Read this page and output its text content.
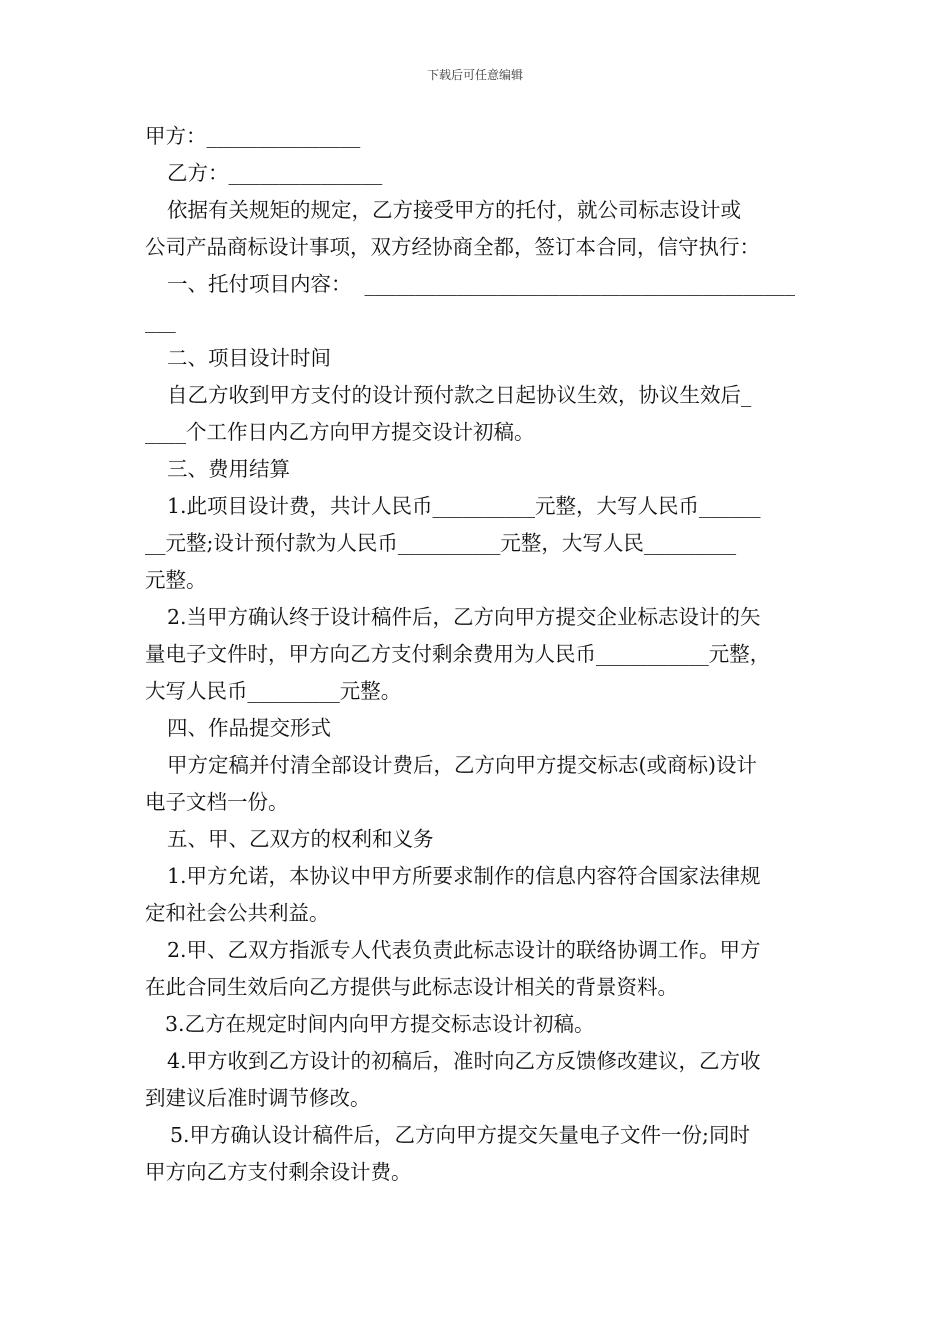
下载后可任意编辑
甲方：_______________
乙方：_______________
依据有关规矩的规定，乙方接受甲方的托付，就公司标志设计或
公司产品商标设计事项，双方经协商全都，签订本合同，信守执行：
一、托付项目内容：  __________________________________________
___
二、项目设计时间
自乙方收到甲方支付的设计预付款之日起协议生效，协议生效后_
____个工作日内乙方向甲方提交设计初稿。
三、费用结算
1.此项目设计费，共计人民币__________元整，大写人民币______
__元整;设计预付款为人民币__________元整，大写人民_________
元整。
2.当甲方确认终于设计稿件后，乙方向甲方提交企业标志设计的矢
量电子文件时，甲方向乙方支付剩余费用为人民币___________元整，
大写人民币_________元整。
四、作品提交形式
甲方定稿并付清全部设计费后，乙方向甲方提交标志(或商标)设计
电子文档一份。
五、甲、乙双方的权利和义务
1.甲方允诺，本协议中甲方所要求制作的信息内容符合国家法律规
定和社会公共利益。
2.甲、乙双方指派专人代表负责此标志设计的联络协调工作。甲方
在此合同生效后向乙方提供与此标志设计相关的背景资料。
3.乙方在规定时间内向甲方提交标志设计初稿。
4.甲方收到乙方设计的初稿后，准时向乙方反馈修改建议，乙方收
到建议后准时调节修改。
5.甲方确认设计稿件后，乙方向甲方提交矢量电子文件一份;同时
甲方向乙方支付剩余设计费。
